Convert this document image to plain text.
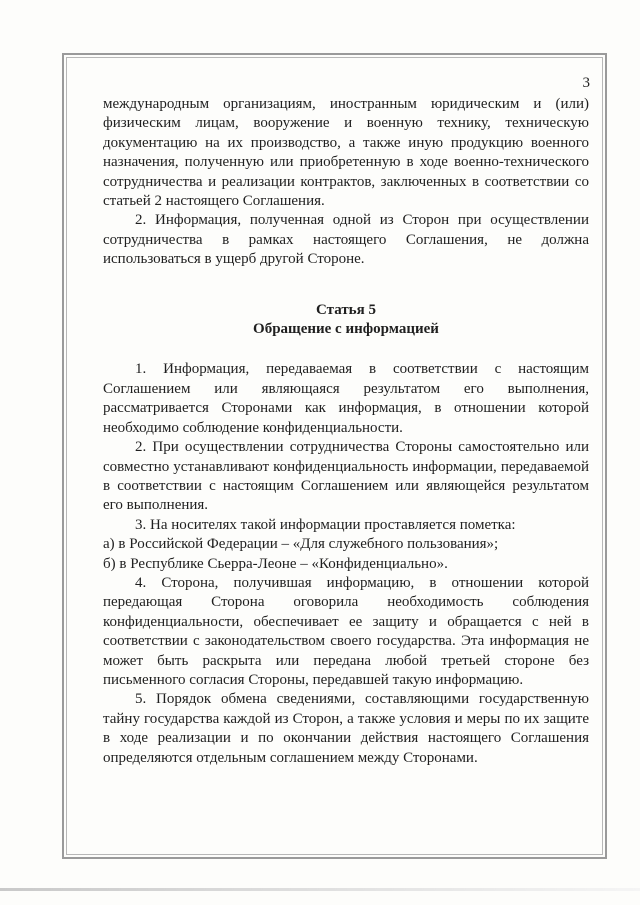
3

международным организациям, иностранным юридическим и (или) физическим лицам, вооружение и военную технику, техническую документацию на их производство, а также иную продукцию военного назначения, полученную или приобретенную в ходе военно-технического сотрудничества и реализации контрактов, заключенных в соответствии со статьей 2 настоящего Соглашения.

2. Информация, полученная одной из Сторон при осуществлении сотрудничества в рамках настоящего Соглашения, не должна использоваться в ущерб другой Стороне.

Статья 5

Обращение с информацией

1. Информация, передаваемая в соответствии с настоящим Соглашением или являющаяся результатом его выполнения, рассматривается Сторонами как информация, в отношении которой необходимо соблюдение конфиденциальности.

2. При осуществлении сотрудничества Стороны самостоятельно или совместно устанавливают конфиденциальность информации, передаваемой в соответствии с настоящим Соглашением или являющейся результатом его выполнения.

3. На носителях такой информации проставляется пометка:

а) в Российской Федерации – «Для служебного пользования»;

б) в Республике Сьерра-Леоне – «Конфиденциально».

4. Сторона, получившая информацию, в отношении которой передающая Сторона оговорила необходимость соблюдения конфиденциальности, обеспечивает ее защиту и обращается с ней в соответствии с законодательством своего государства. Эта информация не может быть раскрыта или передана любой третьей стороне без письменного согласия Стороны, передавшей такую информацию.

5. Порядок обмена сведениями, составляющими государственную тайну государства каждой из Сторон, а также условия и меры по их защите в ходе реализации и по окончании действия настоящего Соглашения определяются отдельным соглашением между Сторонами.
